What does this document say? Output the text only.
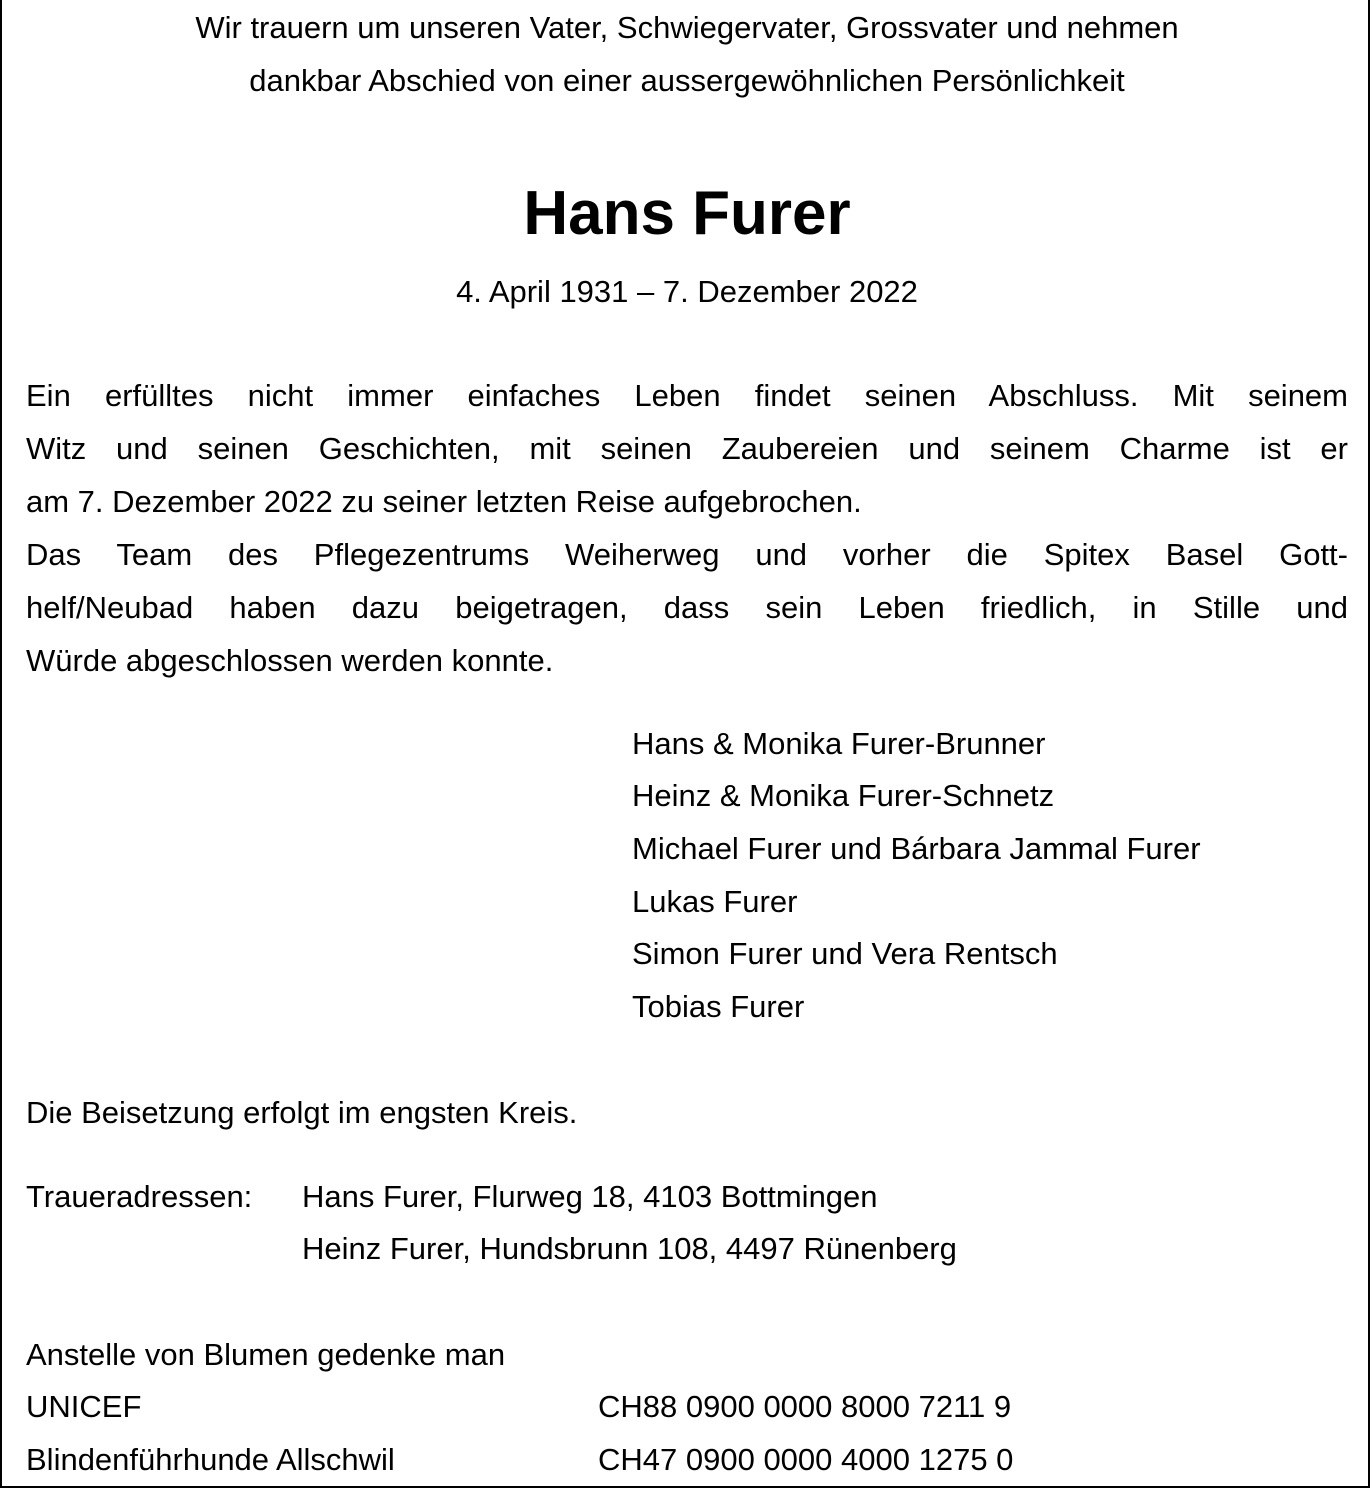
Wir trauern um unseren Vater, Schwiegervater, Grossvater und nehmen
dankbar Abschied von einer aussergewöhnlichen Persönlichkeit
Hans Furer
4. April 1931 – 7. Dezember 2022
Ein erfülltes nicht immer einfaches Leben findet seinen Abschluss. Mit seinem
Witz und seinen Geschichten, mit seinen Zaubereien und seinem Charme ist er
am 7. Dezember 2022 zu seiner letzten Reise aufgebrochen.
Das Team des Pflegezentrums Weiherweg und vorher die Spitex Basel Gott-
helf/Neubad haben dazu beigetragen, dass sein Leben friedlich, in Stille und
Würde abgeschlossen werden konnte.
Hans & Monika Furer-Brunner
Heinz & Monika Furer-Schnetz
Michael Furer und Bárbara Jammal Furer
Lukas Furer
Simon Furer und Vera Rentsch
Tobias Furer
Die Beisetzung erfolgt im engsten Kreis.
Traueradressen: Hans Furer, Flurweg 18, 4103 Bottmingen
Heinz Furer, Hundsbrunn 108, 4497 Rünenberg
Anstelle von Blumen gedenke man
UNICEF	CH88 0900 0000 8000 7211 9
Blindenführhunde Allschwil	CH47 0900 0000 4000 1275 0
